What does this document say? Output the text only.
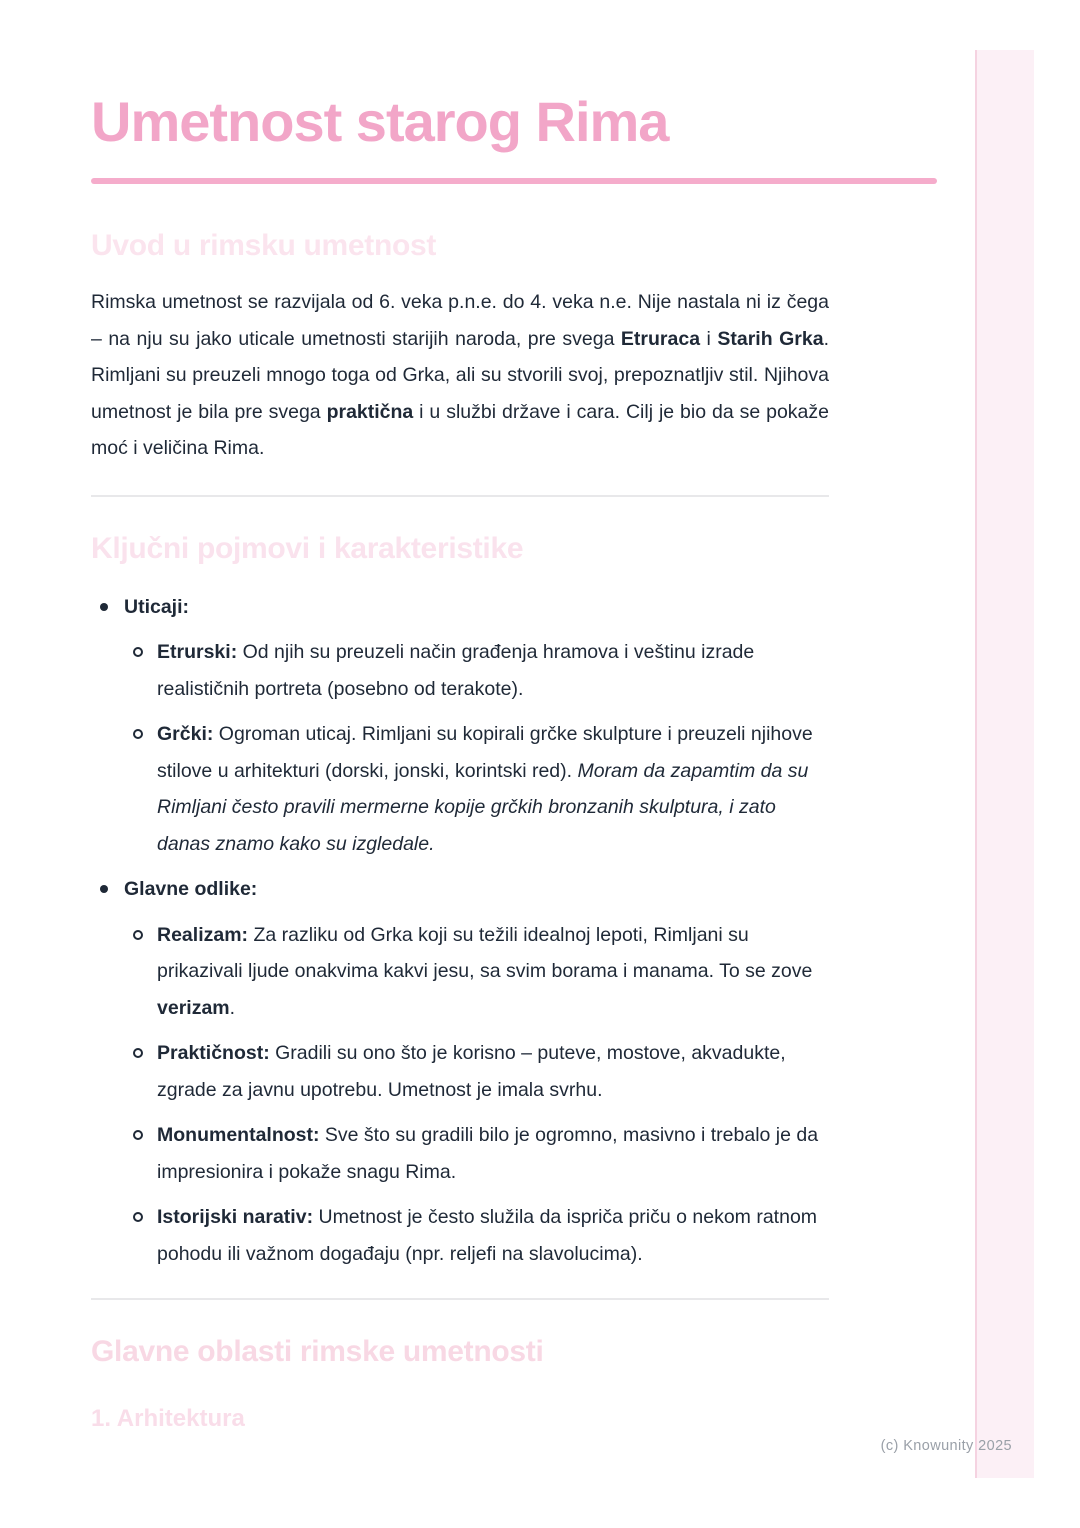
Umetnost starog Rima
Uvod u rimsku umetnost

Rimska umetnost se razvijala od 6. veka p.n.e. do 4. veka n.e. Nije nastala ni iz čega – na nju su jako uticale umetnosti starijih naroda, pre svega Etruraca i Starih Grka. Rimljani su preuzeli mnogo toga od Grka, ali su stvorili svoj, prepoznatljiv stil. Njihova umetnost je bila pre svega praktična i u službi države i cara. Cilj je bio da se pokaže moć i veličina Rima.

Ključni pojmovi i karakteristike
Uticaji:
Etrurski: Od njih su preuzeli način građenja hramova i veštinu izrade realističnih portreta (posebno od terakote).
Grčki: Ogroman uticaj. Rimljani su kopirali grčke skulpture i preuzeli njihove stilove u arhitekturi (dorski, jonski, korintski red). Moram da zapamtim da su Rimljani često pravili mermerne kopije grčkih bronzanih skulptura, i zato danas znamo kako su izgledale.
Glavne odlike:
Realizam: Za razliku od Grka koji su težili idealnoj lepoti, Rimljani su prikazivali ljude onakvima kakvi jesu, sa svim borama i manama. To se zove verizam.
Praktičnost: Gradili su ono što je korisno – puteve, mostove, akvadukte, zgrade za javnu upotrebu. Umetnost je imala svrhu.
Monumentalnost: Sve što su gradili bilo je ogromno, masivno i trebalo je da impresionira i pokaže snagu Rima.
Istorijski narativ: Umetnost je često služila da ispriča priču o nekom ratnom pohodu ili važnom događaju (npr. reljefi na slavolucima).
Glavne oblasti rimske umetnosti
1. Arhitektura
(c) Knowunity 2025
